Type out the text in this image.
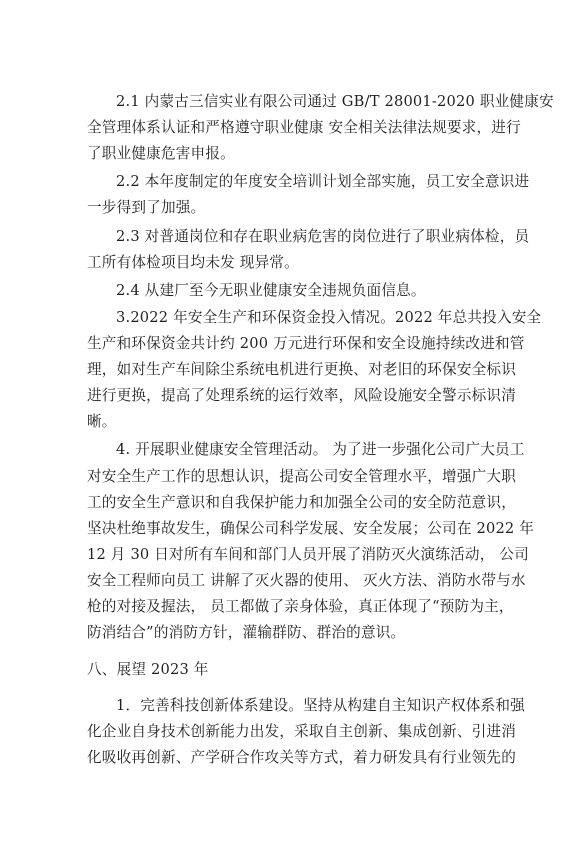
2.1 内蒙古三信实业有限公司通过 GB/T 28001-2020 职业健康安
全管理体系认证和严格遵守职业健康 安全相关法律法规要求，进行
了职业健康危害申报。
2.2 本年度制定的年度安全培训计划全部实施，员工安全意识进
一步得到了加强。
2.3 对普通岗位和存在职业病危害的岗位进行了职业病体检，员
工所有体检项目均未发 现异常。
2.4 从建厂至今无职业健康安全违规负面信息。
3.2022 年安全生产和环保资金投入情况。2022 年总共投入安全
生产和环保资金共计约 200 万元进行环保和安全设施持续改进和管
理，如对生产车间除尘系统电机进行更换、对老旧的环保安全标识
进行更换，提高了处理系统的运行效率，风险设施安全警示标识清
晰。
4. 开展职业健康安全管理活动。 为了进一步强化公司广大员工
对安全生产工作的思想认识，提高公司安全管理水平，增强广大职
工的安全生产意识和自我保护能力和加强全公司的安全防范意识，
坚决杜绝事故发生，确保公司科学发展、安全发展；公司在 2022 年
12 月 30 日对所有车间和部门人员开展了消防灭火演练活动， 公司
安全工程师向员工 讲解了灭火器的使用、 灭火方法、消防水带与水
枪的对接及握法， 员工都做了亲身体验，真正体现了“预防为主，
防消结合”的消防方针，灌输群防、群治的意识。
八、展望 2023 年
1．完善科技创新体系建设。坚持从构建自主知识产权体系和强
化企业自身技术创新能力出发，采取自主创新、集成创新、引进消
化吸收再创新、产学研合作攻关等方式，着力研发具有行业领先的
